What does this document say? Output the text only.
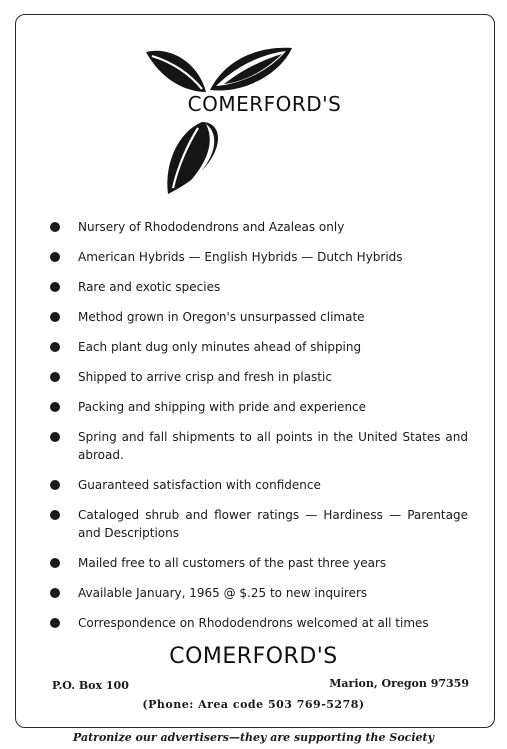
COMERFORD'S
Nursery of Rhododendrons and Azaleas only
American Hybrids — English Hybrids — Dutch Hybrids
Rare and exotic species
Method grown in Oregon's unsurpassed climate
Each plant dug only minutes ahead of shipping
Shipped to arrive crisp and fresh in plastic
Packing and shipping with pride and experience
Spring and fall shipments to all points in the United States and abroad.
Guaranteed satisfaction with confidence
Cataloged shrub and flower ratings — Hardiness — Parentage and Descriptions
Mailed free to all customers of the past three years
Available January, 1965 @ $.25 to new inquirers
Correspondence on Rhododendrons welcomed at all times
COMERFORD'S
P.O. Box 100	Marion, Oregon 97359
(Phone: Area code 503 769-5278)
Patronize our advertisers—they are supporting the Society
